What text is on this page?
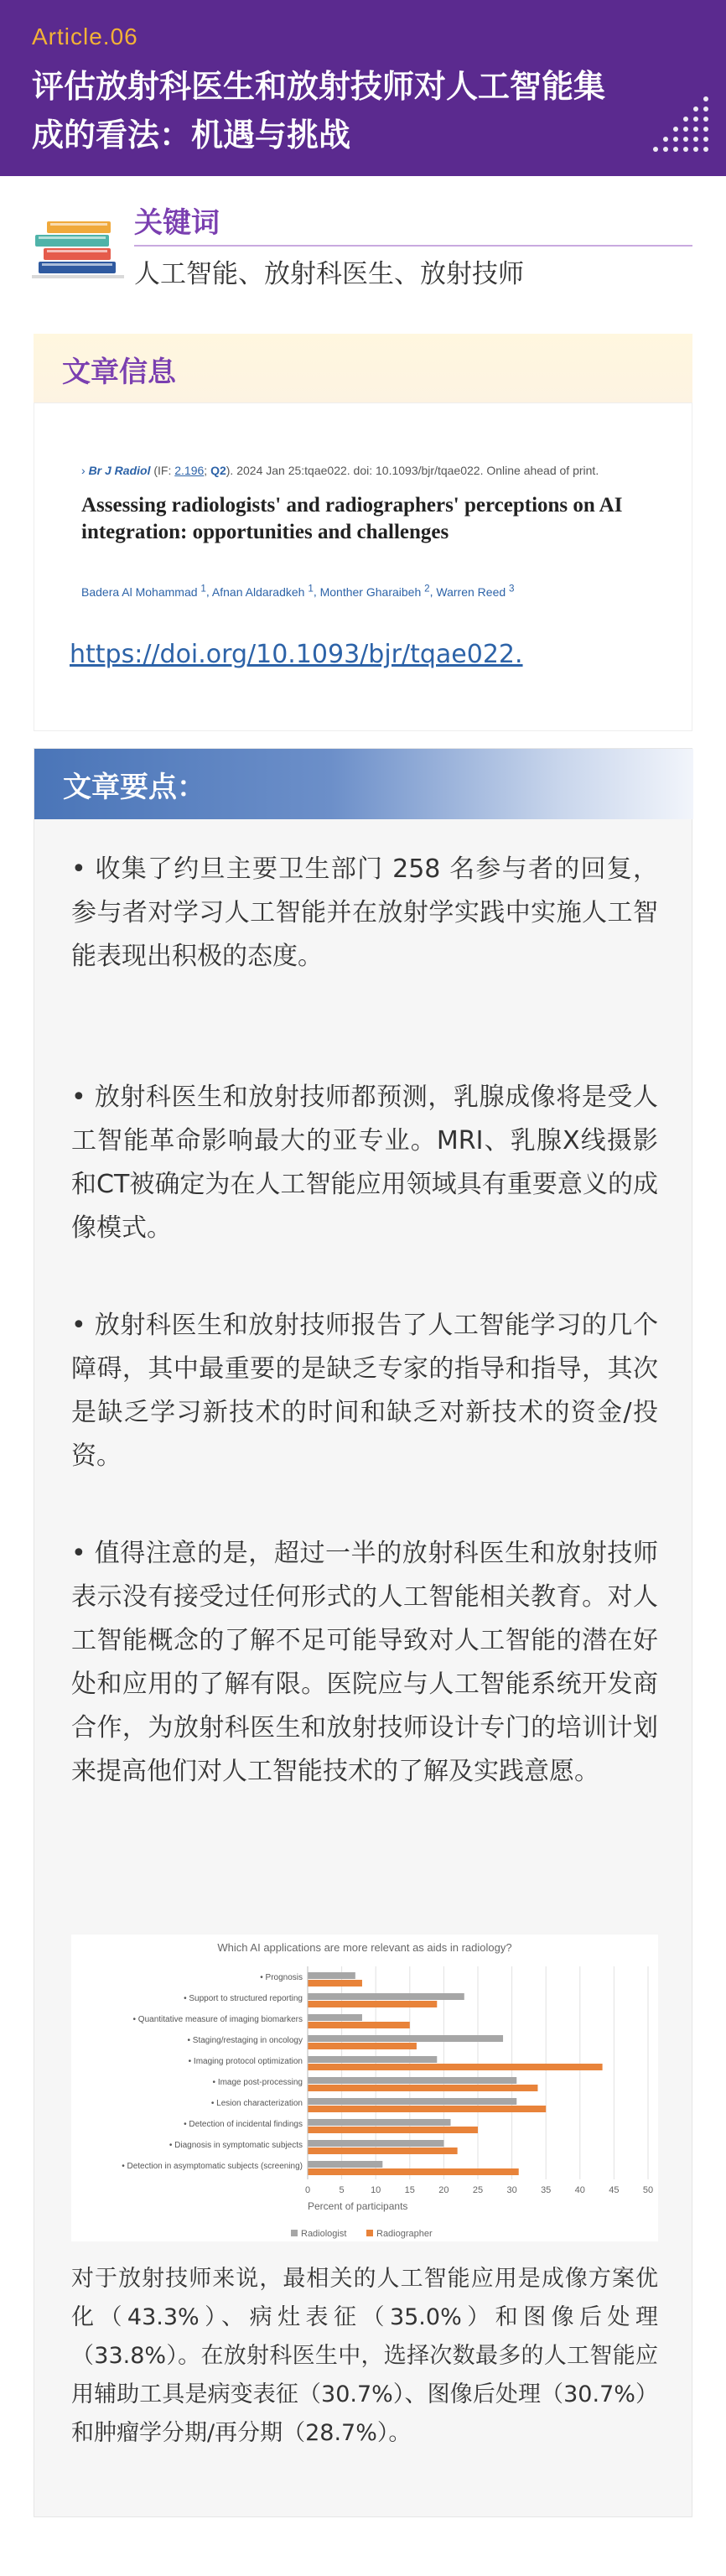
Article.06
评估放射科医生和放射技师对人工智能集成的看法：机遇与挑战
关键词
人工智能、放射科医生、放射技师
文章信息
› Br J Radiol (IF: 2.196; Q2). 2024 Jan 25:tqae022. doi: 10.1093/bjr/tqae022. Online ahead of print.
Assessing radiologists' and radiographers' perceptions on AI integration: opportunities and challenges
Badera Al Mohammad $^1$, Afnan Aldaradkeh $^1$, Monther Gharaibeh $^2$, Warren Reed $^3$
https://doi.org/10.1093/bjr/tqae022.
文章要点：
• 收集了约旦主要卫生部门 258 名参与者的回复，参与者对学习人工智能并在放射学实践中实施人工智能表现出积极的态度。
• 放射科医生和放射技师都预测，乳腺成像将是受人工智能革命影响最大的亚专业。MRI、乳腺X线摄影和CT被确定为在人工智能应用领域具有重要意义的成像模式。
• 放射科医生和放射技师报告了人工智能学习的几个障碍，其中最重要的是缺乏专家的指导和指导，其次是缺乏学习新技术的时间和缺乏对新技术的资金/投资。
• 值得注意的是，超过一半的放射科医生和放射技师表示没有接受过任何形式的人工智能相关教育。对人工智能概念的了解不足可能导致对人工智能的潜在好处和应用的了解有限。医院应与人工智能系统开发商合作，为放射科医生和放射技师设计专门的培训计划来提高他们对人工智能技术的了解及实践意愿。
Which AI applications are more relevant as aids in radiology?
0	5	10	15	20	25	30	35	40	45	50
• Prognosis
• Support to structured reporting
• Quantitative measure of imaging biomarkers
• Staging/restaging in oncology
• Imaging protocol optimization
• Image post-processing
• Lesion characterization
• Detection of incidental findings
• Diagnosis in symptomatic subjects
• Detection in asymptomatic subjects (screening)
Percent of participants
Radiologist	Radiographer
对于放射技师来说，最相关的人工智能应用是成像方案优化（43.3%）、病灶表征（35.0%）和图像后处理（33.8%）。在放射科医生中，选择次数最多的人工智能应用辅助工具是病变表征（30.7%）、图像后处理（30.7%）和肿瘤学分期/再分期（28.7%）。
